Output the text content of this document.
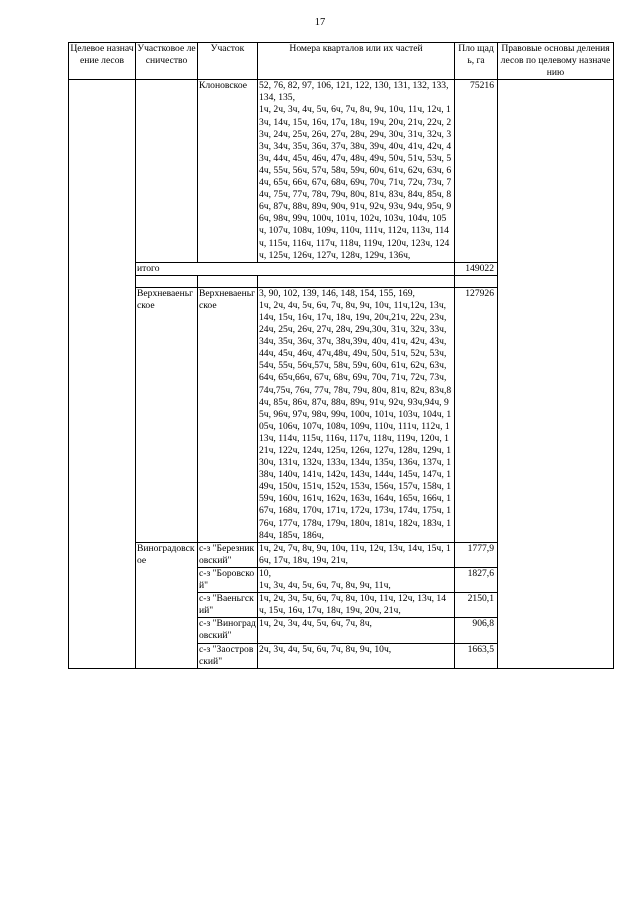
17
Целевое назначение лесов	Участковое лесничество	Участок	Номера кварталов или их частей	Пло щадь, га	Правовые основы деления лесов по целевому назначению
		Клоновское	52, 76, 82, 97, 106, 121, 122, 130, 131, 132, 133, 134, 135,
1ч, 2ч, 3ч, 4ч, 5ч, 6ч, 7ч, 8ч, 9ч, 10ч, 11ч, 12ч, 13ч, 14ч, 15ч, 16ч, 17ч, 18ч, 19ч, 20ч, 21ч, 22ч, 23ч, 24ч, 25ч, 26ч, 27ч, 28ч, 29ч, 30ч, 31ч, 32ч, 33ч, 34ч, 35ч, 36ч, 37ч, 38ч, 39ч, 40ч, 41ч, 42ч, 43ч, 44ч, 45ч, 46ч, 47ч, 48ч, 49ч, 50ч, 51ч, 53ч, 54ч, 55ч, 56ч, 57ч, 58ч, 59ч, 60ч, 61ч, 62ч, 63ч, 64ч, 65ч, 66ч, 67ч, 68ч, 69ч, 70ч, 71ч, 72ч, 73ч, 74ч, 75ч, 77ч, 78ч, 79ч, 80ч, 81ч, 83ч, 84ч, 85ч, 86ч, 87ч, 88ч, 89ч, 90ч, 91ч, 92ч, 93ч, 94ч, 95ч, 96ч, 98ч, 99ч, 100ч, 101ч, 102ч, 103ч, 104ч, 105ч, 107ч, 108ч, 109ч, 110ч, 111ч, 112ч, 113ч, 114ч, 115ч, 116ч, 117ч, 118ч, 119ч, 120ч, 123ч, 124ч, 125ч, 126ч, 127ч, 128ч, 129ч, 136ч,	75216	
	итого			149022	

	Верхневаеньгское	Верхневаеньгское	3, 90, 102, 139, 146, 148, 154, 155, 169,
1ч, 2ч, 4ч, 5ч, 6ч, 7ч, 8ч, 9ч, 10ч, 11ч,12ч, 13ч, 14ч, 15ч, 16ч, 17ч, 18ч, 19ч, 20ч,21ч, 22ч, 23ч, 24ч, 25ч, 26ч, 27ч, 28ч, 29ч,30ч, 31ч, 32ч, 33ч, 34ч, 35ч, 36ч, 37ч, 38ч,39ч, 40ч, 41ч, 42ч, 43ч, 44ч, 45ч, 46ч, 47ч,48ч, 49ч, 50ч, 51ч, 52ч, 53ч, 54ч, 55ч, 56ч,57ч, 58ч, 59ч, 60ч, 61ч, 62ч, 63ч, 64ч, 65ч,66ч, 67ч, 68ч, 69ч, 70ч, 71ч, 72ч, 73ч, 74ч,75ч, 76ч, 77ч, 78ч, 79ч, 80ч, 81ч, 82ч, 83ч,84ч, 85ч, 86ч, 87ч, 88ч, 89ч, 91ч, 92ч, 93ч,94ч, 95ч, 96ч, 97ч, 98ч, 99ч, 100ч, 101ч, 103ч, 104ч, 105ч, 106ч, 107ч, 108ч, 109ч, 110ч, 111ч, 112ч, 113ч, 114ч, 115ч, 116ч, 117ч, 118ч, 119ч, 120ч, 121ч, 122ч, 124ч, 125ч, 126ч, 127ч, 128ч, 129ч, 130ч, 131ч, 132ч, 133ч, 134ч, 135ч, 136ч, 137ч, 138ч, 140ч, 141ч, 142ч, 143ч, 144ч, 145ч, 147ч, 149ч, 150ч, 151ч, 152ч, 153ч, 156ч, 157ч, 158ч, 159ч, 160ч, 161ч, 162ч, 163ч, 164ч, 165ч, 166ч, 167ч, 168ч, 170ч, 171ч, 172ч, 173ч, 174ч, 175ч, 176ч, 177ч, 178ч, 179ч, 180ч, 181ч, 182ч, 183ч, 184ч, 185ч, 186ч,	127926	
	Виноградовское	с-з "Березниковский"	1ч, 2ч, 7ч, 8ч, 9ч, 10ч, 11ч, 12ч, 13ч, 14ч, 15ч, 16ч, 17ч, 18ч, 19ч, 21ч,	1777,9	
		с-з "Боровской"	10,
1ч, 3ч, 4ч, 5ч, 6ч, 7ч, 8ч, 9ч, 11ч,	1827,6	
		с-з "Ваеньгский"	1ч, 2ч, 3ч, 5ч, 6ч, 7ч, 8ч, 10ч, 11ч, 12ч, 13ч, 14ч, 15ч, 16ч, 17ч, 18ч, 19ч, 20ч, 21ч,	2150,1	
		с-з "Виноградовский"	1ч, 2ч, 3ч, 4ч, 5ч, 6ч, 7ч, 8ч,	906,8	
		с-з "Заостровский"	2ч, 3ч, 4ч, 5ч, 6ч, 7ч, 8ч, 9ч, 10ч,	1663,5	
